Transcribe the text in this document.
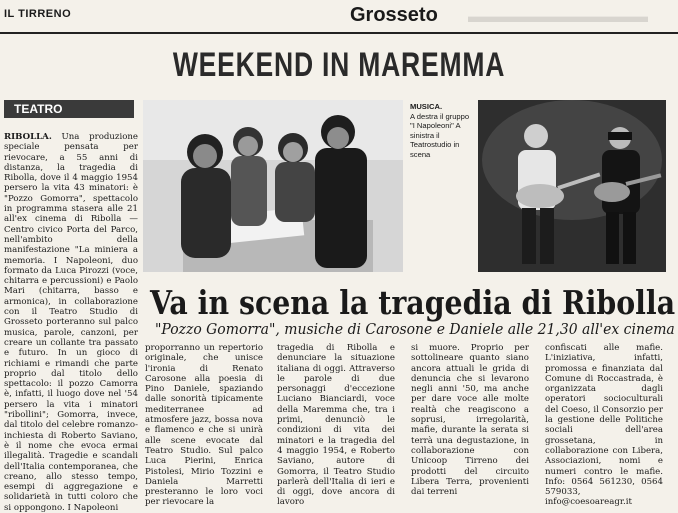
IL TIRRENO	Grosseto ▬▬▬▬▬▬▬▬▬▬
WEEKEND IN MAREMMA
TEATRO
RIBOLLA. Una produzione speciale pensata per rievocare, a 55 anni di distanza, la tragedia di Ribolla, dove il 4 maggio 1954 persero la vita 43 minatori: è "Pozzo Gomorra", spettacolo in programma stasera alle 21 all'ex cinema di Ribolla — Centro civico Porta del Parco, nell'ambito della manifestazione "La miniera a memoria. I Napoleoni, duo formato da Luca Pirozzi (voce, chitarra e percussioni) e Paolo Mari (chitarra, basso e armonica), in collaborazione con il Teatro Studio di Grosseto porteranno sul palco musica, parole, canzoni, per creare un collante tra passato e futuro. In un gioco di richiami e rimandi che parte proprio dal titolo dello spettacolo: il pozzo Camorra è, infatti, il luogo dove nel '54 persero la vita i minatori "ribollini"; Gomorra, invece, dal titolo del celebre romanzo-inchiesta di Roberto Saviano, è il nome che evoca ermai illegalità. Tragedie e scandali dell'Italia contemporanea, che creano, allo stesso tempo, esempi di aggregazione e solidarietà in tutti coloro che si oppongono. I Napoleoni
MUSICA.
A destra il gruppo "I Napoleoni" A sinistra il Teatrostudio in scena
Va in scena la tragedia di Ribolla
"Pozzo Gomorra", musiche di Carosone e Daniele alle 21,30 all'ex cinema
proporranno un repertorio originale, che unisce l'ironia di Renato Carosone alla poesia di Pino Daniele, spaziando dalle sonorità tipicamente mediterranee ad atmosfere jazz, bossa nova e flamenco e che si unirà alle scene evocate dal Teatro Studio. Sul palco Luca Pierini, Enrica Pistolesi, Mirio Tozzini e Daniela Marretti presteranno le loro voci per rievocare la
tragedia di Ribolla e denunciare la situazione italiana di oggi. Attraverso le parole di due personaggi d'eccezione Luciano Bianciardi, voce della Maremma che, tra i primi, denunciò le condizioni di vita dei minatori e la tragedia del 4 maggio 1954, e Roberto Saviano, autore di Gomorra, il Teatro Studio parlerà dell'Italia di ieri e di oggi, dove ancora di lavoro
si muore. Proprio per sottolineare quanto siano ancora attuali le grida di denuncia che si levarono negli anni '50, ma anche per dare voce alle molte realtà che reagiscono a soprusi, irregolarità, mafie, durante la serata si terrà una degustazione, in collaborazione con Unicoop Tirreno dei prodotti del circuito Libera Terra, provenienti dai terreni
confiscati alle mafie. L'iniziativa, infatti, promossa e finanziata dal Comune di Roccastrada, è organizzata dagli operatori socioculturali del Coeso, il Consorzio per la gestione delle Politiche sociali dell'area grossetana, in collaborazione con Libera, Associazioni, nomi e numeri contro le mafie. Info: 0564 561230, 0564 579033, info@coesoareagr.it
